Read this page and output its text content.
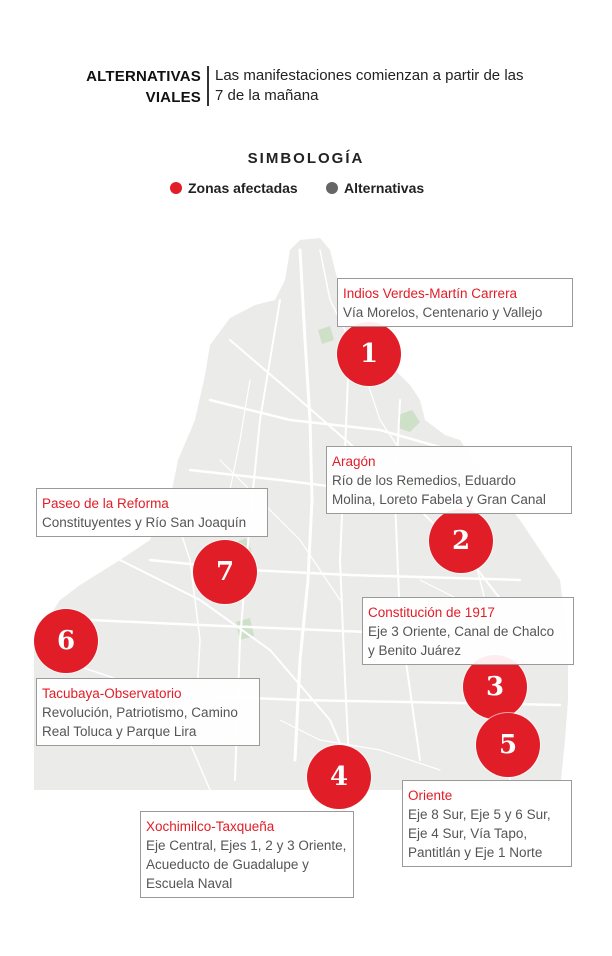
ALTERNATIVAS
VIALES
Las manifestaciones comienzan a partir de las 7 de la mañana
SIMBOLOGÍA
Zonas afectadas	Alternativas
1
2
3
4
5
6
7
Indios Verdes-Martín Carrera
Vía Morelos, Centenario y Vallejo
Aragón
Río de los Remedios, Eduardo
Molina, Loreto Fabela y Gran Canal
Constitución de 1917
Eje 3 Oriente, Canal de Chalco
y Benito Juárez
Xochimilco-Taxqueña
Eje Central, Ejes 1, 2 y 3 Oriente,
Acueducto de Guadalupe y
Escuela Naval
Oriente
Eje 8 Sur, Eje 5 y 6 Sur,
Eje 4 Sur, Vía Tapo,
Pantitlán y Eje 1 Norte
Tacubaya-Observatorio
Revolución, Patriotismo, Camino
Real Toluca y Parque Lira
Paseo de la Reforma
Constituyentes y Río San Joaquín
